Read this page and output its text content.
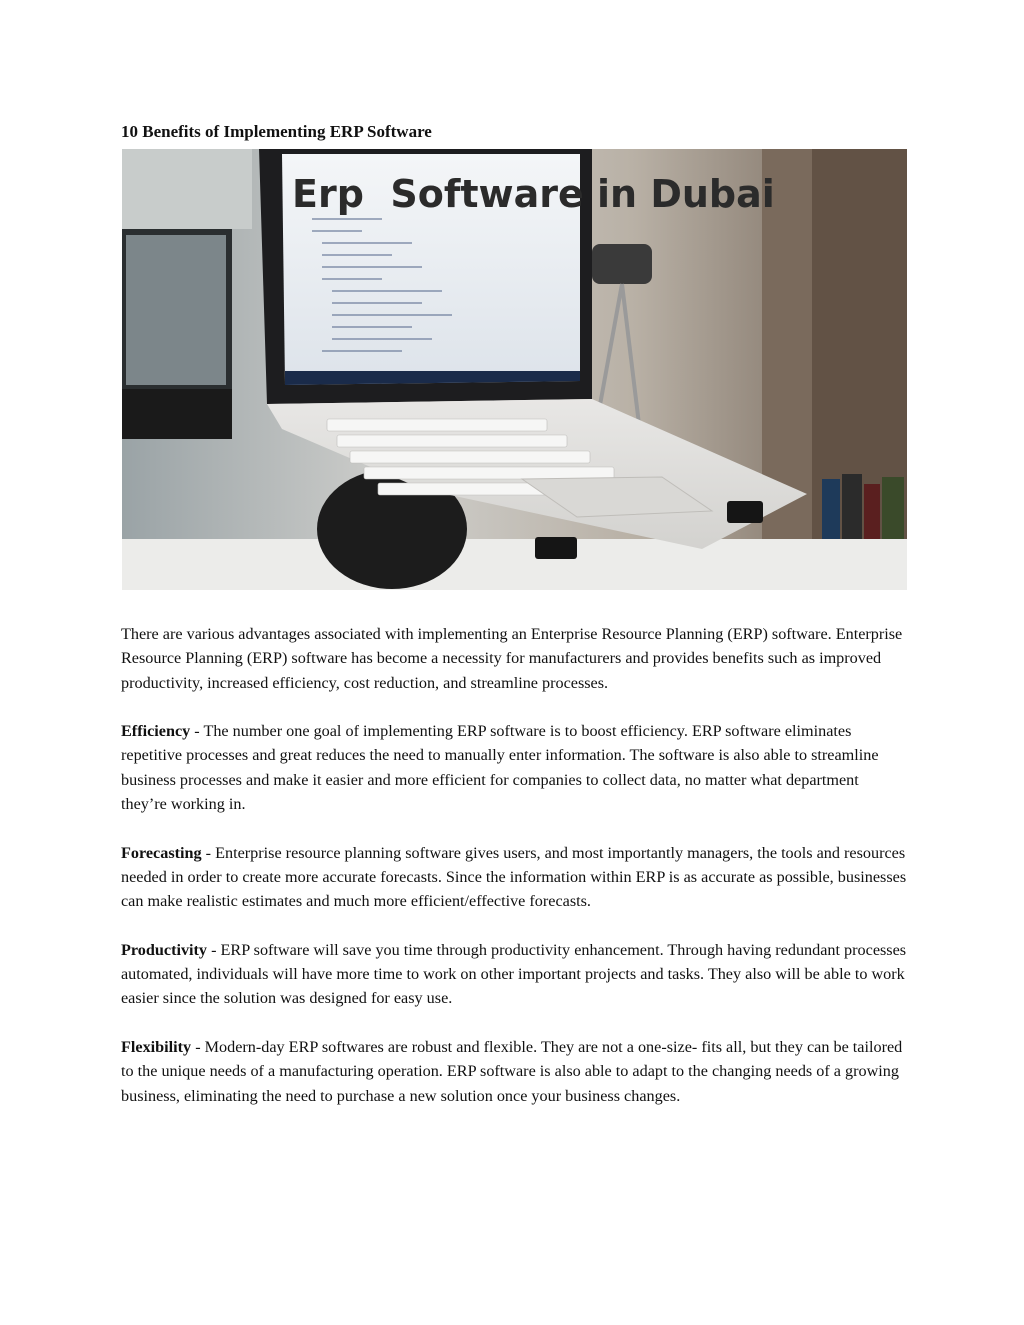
10 Benefits of Implementing ERP Software
Erp  Software in Dubai

There are various advantages associated with implementing an Enterprise Resource Planning (ERP) software. Enterprise Resource Planning (ERP) software has become a necessity for manufacturers and provides benefits such as improved productivity, increased efficiency, cost reduction, and streamline processes.

Efficiency - The number one goal of implementing ERP software is to boost efficiency. ERP software eliminates repetitive processes and great reduces the need to manually enter information. The software is also able to streamline business processes and make it easier and more efficient for companies to collect data, no matter what department they’re working in.

Forecasting - Enterprise resource planning software gives users, and most importantly managers, the tools and resources needed in order to create more accurate forecasts. Since the information within ERP is as accurate as possible, businesses can make realistic estimates and much more efficient/effective forecasts.

Productivity - ERP software will save you time through productivity enhancement. Through having redundant processes automated, individuals will have more time to work on other important projects and tasks. They also will be able to work easier since the solution was designed for easy use.

Flexibility - Modern-day ERP softwares are robust and flexible. They are not a one-size- fits all, but they can be tailored to the unique needs of a manufacturing operation. ERP software is also able to adapt to the changing needs of a growing business, eliminating the need to purchase a new solution once your business changes.
